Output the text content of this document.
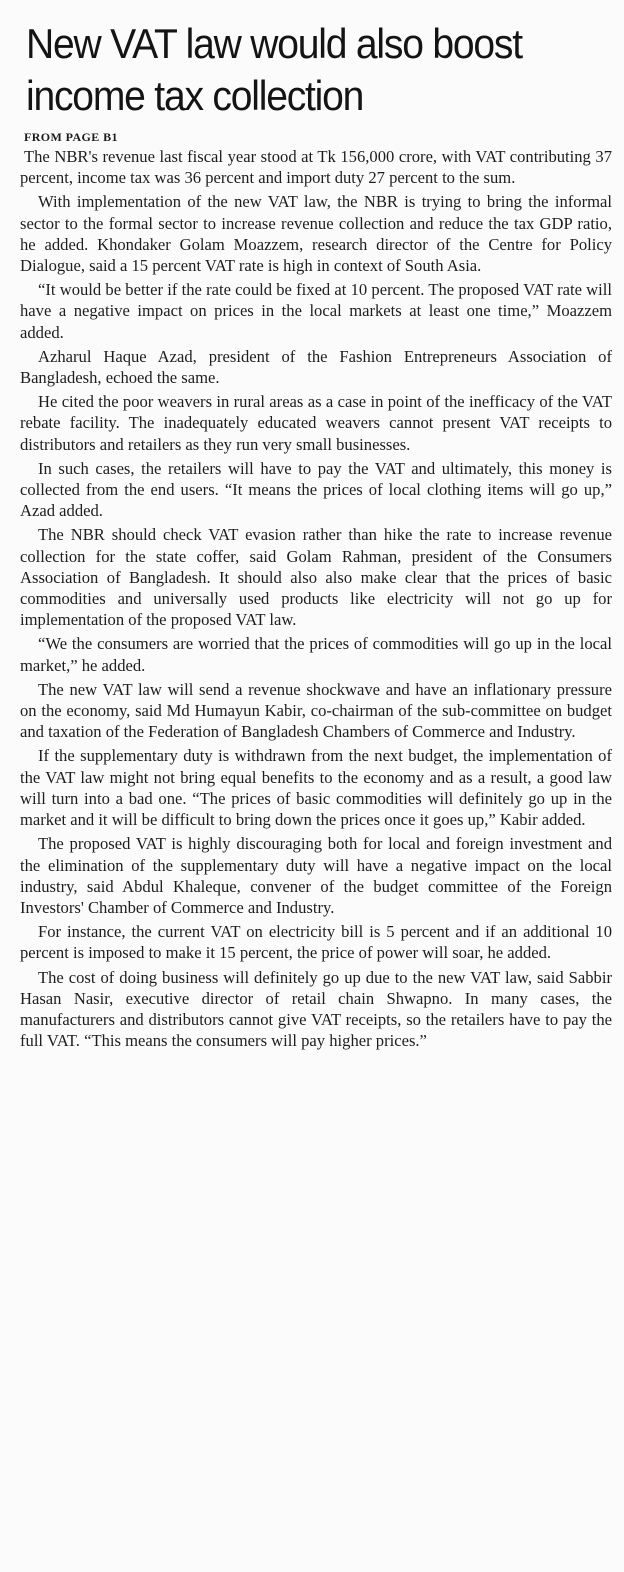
New VAT law would also boost
income tax collection
FROM PAGE B1

The NBR's revenue last fiscal year stood at Tk 156,000 crore, with VAT contributing 37 percent, income tax was 36 percent and import duty 27 percent to the sum.

With implementation of the new VAT law, the NBR is trying to bring the informal sector to the formal sector to increase revenue collection and reduce the tax GDP ratio, he added. Khondaker Golam Moazzem, research director of the Centre for Policy Dialogue, said a 15 percent VAT rate is high in context of South Asia.

“It would be better if the rate could be fixed at 10 percent. The proposed VAT rate will have a negative impact on prices in the local markets at least one time,” Moazzem added.

Azharul Haque Azad, president of the Fashion Entrepreneurs Association of Bangladesh, echoed the same.

He cited the poor weavers in rural areas as a case in point of the inefficacy of the VAT rebate facility. The inadequately educated weavers cannot present VAT receipts to distributors and retailers as they run very small businesses.

In such cases, the retailers will have to pay the VAT and ultimately, this money is collected from the end users. “It means the prices of local clothing items will go up,” Azad added.

The NBR should check VAT evasion rather than hike the rate to increase revenue collection for the state coffer, said Golam Rahman, president of the Consumers Association of Bangladesh. It should also also make clear that the prices of basic commodities and universally used products like electricity will not go up for implementation of the proposed VAT law.

“We the consumers are worried that the prices of commodities will go up in the local market,” he added.

The new VAT law will send a revenue shockwave and have an inflationary pressure on the economy, said Md Humayun Kabir, co-chairman of the sub-committee on budget and taxation of the Federation of Bangladesh Chambers of Commerce and Industry.

If the supplementary duty is withdrawn from the next budget, the implementation of the VAT law might not bring equal benefits to the economy and as a result, a good law will turn into a bad one. “The prices of basic commodities will definitely go up in the market and it will be difficult to bring down the prices once it goes up,” Kabir added.

The proposed VAT is highly discouraging both for local and foreign investment and the elimination of the supplementary duty will have a negative impact on the local industry, said Abdul Khaleque, convener of the budget committee of the Foreign Investors' Chamber of Commerce and Industry.

For instance, the current VAT on electricity bill is 5 percent and if an additional 10 percent is imposed to make it 15 percent, the price of power will soar, he added.

The cost of doing business will definitely go up due to the new VAT law, said Sabbir Hasan Nasir, executive director of retail chain Shwapno. In many cases, the manufacturers and distributors cannot give VAT receipts, so the retailers have to pay the full VAT. “This means the consumers will pay higher prices.”
